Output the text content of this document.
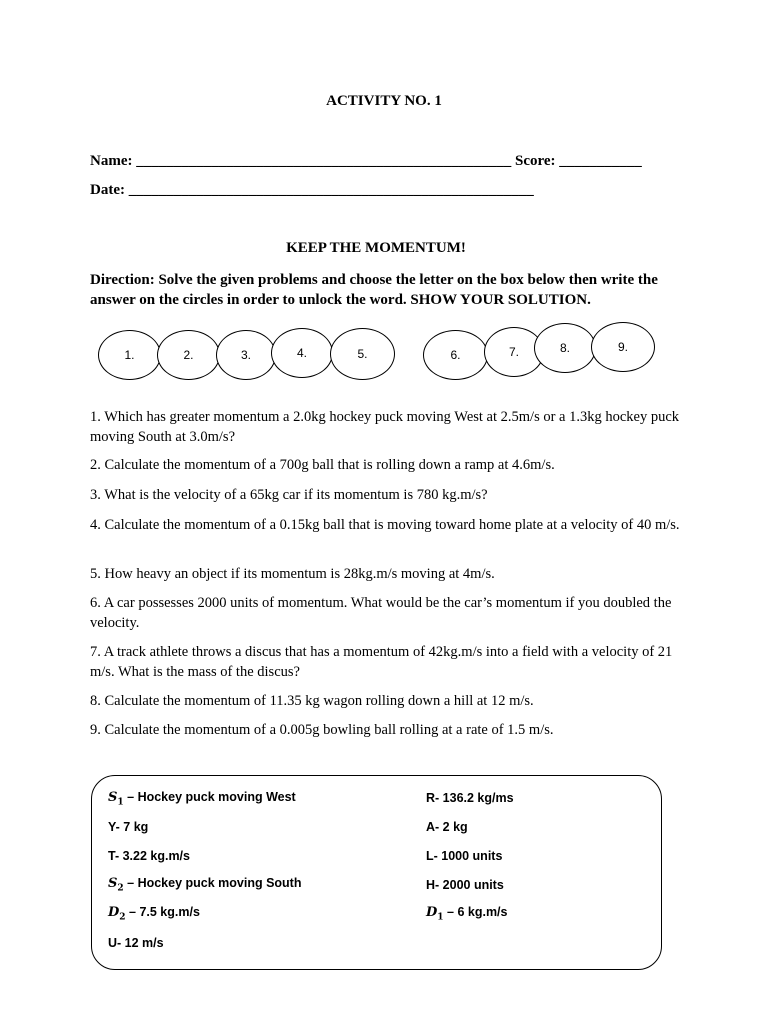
ACTIVITY NO. 1
Name: __________________________________________________ Score: ___________
Date: ______________________________________________________
KEEP THE MOMENTUM!
Direction: Solve the given problems and choose the letter on the box below then write the answer on the circles in order to unlock the word. SHOW YOUR SOLUTION.
1.	2.	3.	4.	5.	6.	7.	8.	9.
1. Which has greater momentum a 2.0kg hockey puck moving West at 2.5m/s or a 1.3kg hockey puck moving South at 3.0m/s?
2. Calculate the momentum of a 700g ball that is rolling down a ramp at 4.6m/s.
3. What is the velocity of a 65kg car if its momentum is 780 kg.m/s?
4. Calculate the momentum of a 0.15kg ball that is moving toward home plate at a velocity of 40 m/s.
5. How heavy an object if its momentum is 28kg.m/s moving at 4m/s.
6. A car possesses 2000 units of momentum. What would be the car’s momentum if you doubled the velocity.
7. A track athlete throws a discus that has a momentum of 42kg.m/s into a field with a velocity of 21 m/s. What is the mass of the discus?
8. Calculate the momentum of 11.35 kg wagon rolling down a hill at 12 m/s.
9. Calculate the momentum of a 0.005g bowling ball rolling at a rate of 1.5 m/s.
$S_1$ – Hockey puck moving West
Y- 7 kg
T- 3.22 kg.m/s
$S_2$ – Hockey puck moving South
$D_2 - 7.5$ kg.m/s
U- 12 m/s
R- 136.2 kg/ms
A- 2 kg
L- 1000 units
H- 2000 units
$D_1 - 6$ kg.m/s
